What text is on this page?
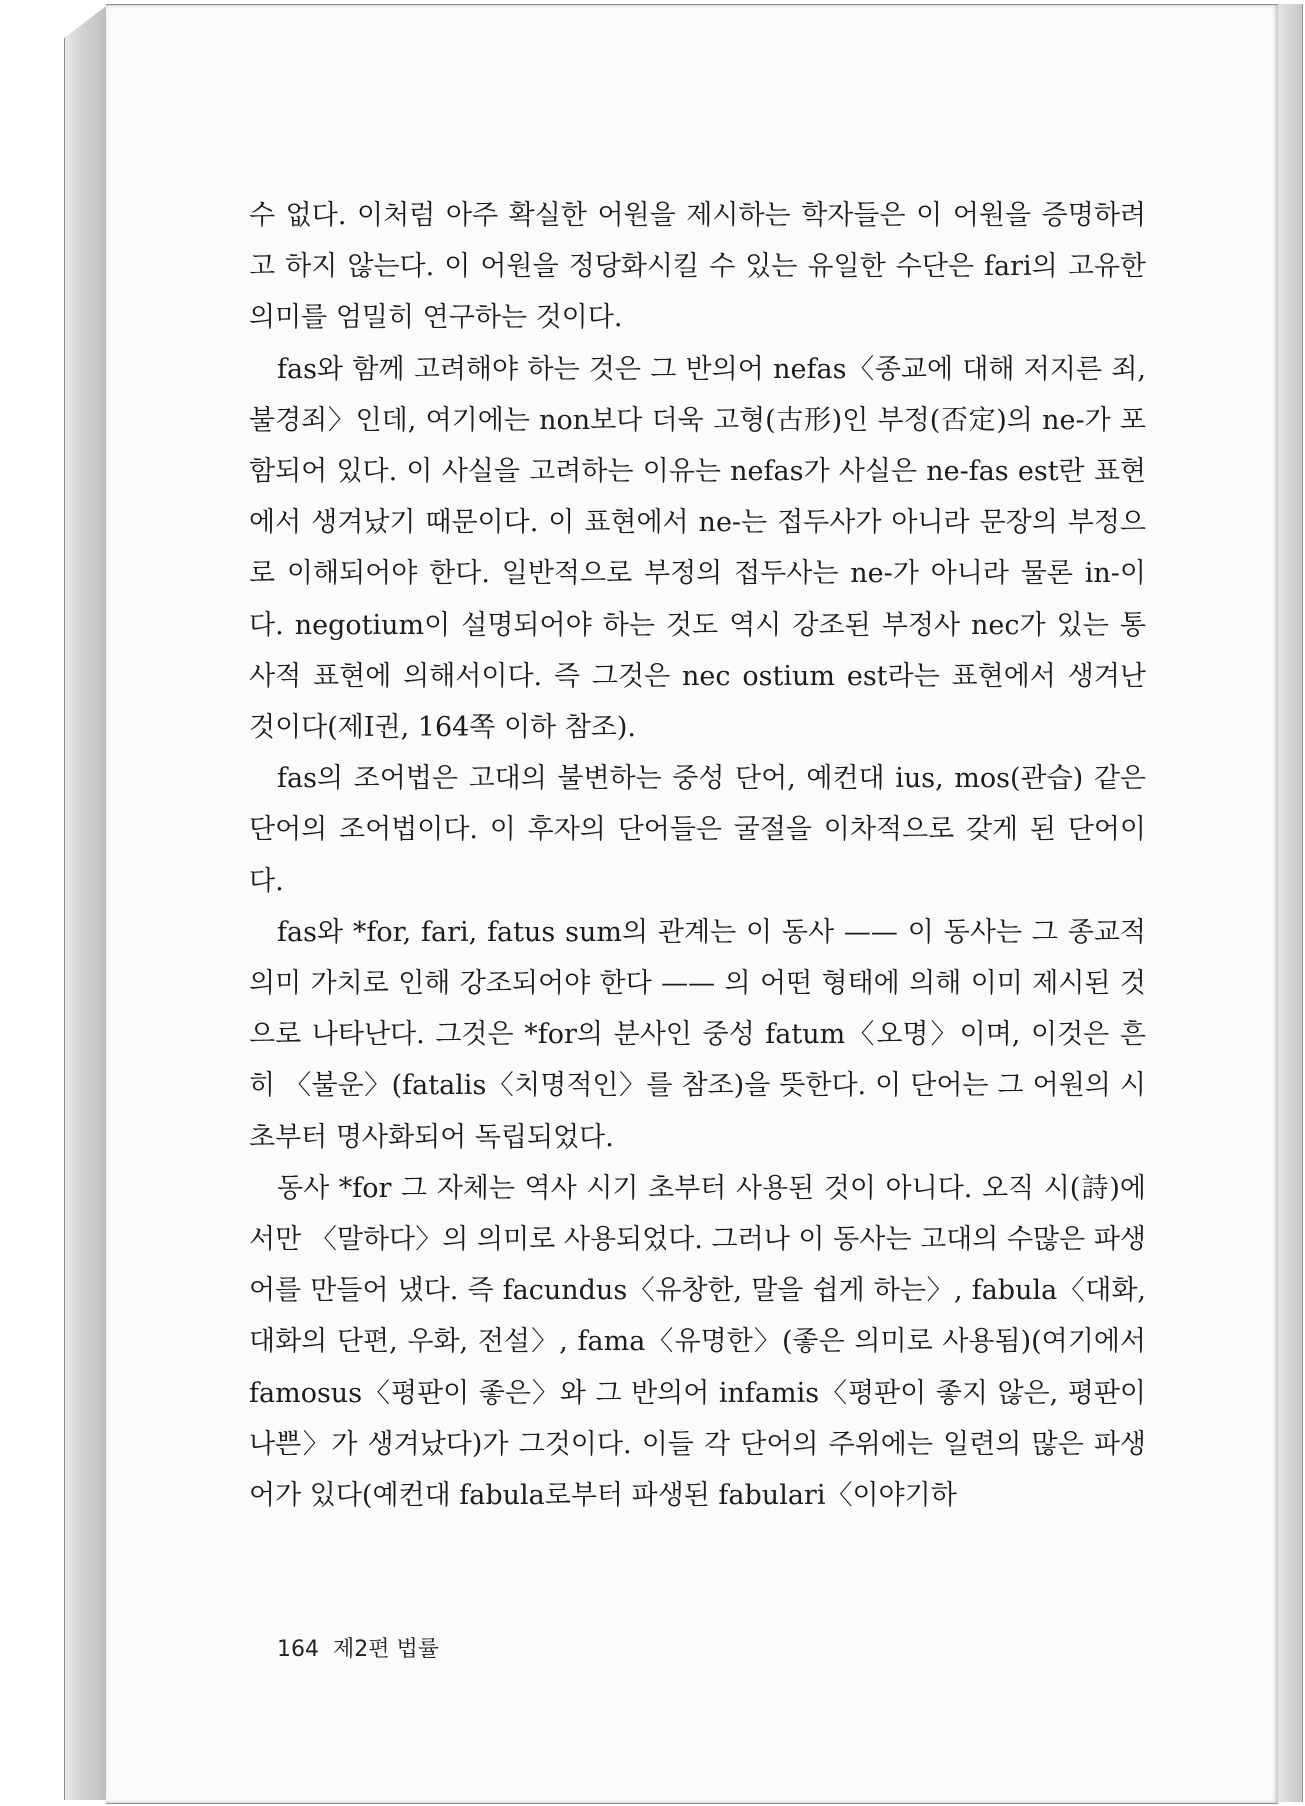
수 없다. 이처럼 아주 확실한 어원을 제시하는 학자들은 이 어원을 증명하려고 하지 않는다. 이 어원을 정당화시킬 수 있는 유일한 수단은 fari의 고유한 의미를 엄밀히 연구하는 것이다.

fas와 함께 고려해야 하는 것은 그 반의어 nefas〈종교에 대해 저지른 죄, 불경죄〉인데, 여기에는 non보다 더욱 고형(古形)인 부정(否定)의 ne-가 포함되어 있다. 이 사실을 고려하는 이유는 nefas가 사실은 ne-fas est란 표현에서 생겨났기 때문이다. 이 표현에서 ne-는 접두사가 아니라 문장의 부정으로 이해되어야 한다. 일반적으로 부정의 접두사는 ne-가 아니라 물론 in-이다. negotium이 설명되어야 하는 것도 역시 강조된 부정사 nec가 있는 통사적 표현에 의해서이다. 즉 그것은 nec ostium est라는 표현에서 생겨난 것이다(제I권, 164쪽 이하 참조).

fas의 조어법은 고대의 불변하는 중성 단어, 예컨대 ius, mos(관습) 같은 단어의 조어법이다. 이 후자의 단어들은 굴절을 이차적으로 갖게 된 단어이다.

fas와 *for, fari, fatus sum의 관계는 이 동사 —— 이 동사는 그 종교적 의미 가치로 인해 강조되어야 한다 —— 의 어떤 형태에 의해 이미 제시된 것으로 나타난다. 그것은 *for의 분사인 중성 fatum〈오명〉이며, 이것은 흔히 〈불운〉(fatalis〈치명적인〉를 참조)을 뜻한다. 이 단어는 그 어원의 시초부터 명사화되어 독립되었다.

동사 *for 그 자체는 역사 시기 초부터 사용된 것이 아니다. 오직 시(詩)에서만 〈말하다〉의 의미로 사용되었다. 그러나 이 동사는 고대의 수많은 파생어를 만들어 냈다. 즉 facundus〈유창한, 말을 쉽게 하는〉, fabula〈대화, 대화의 단편, 우화, 전설〉, fama〈유명한〉(좋은 의미로 사용됨)(여기에서 famosus〈평판이 좋은〉와 그 반의어 infamis〈평판이 좋지 않은, 평판이 나쁜〉가 생겨났다)가 그것이다. 이들 각 단어의 주위에는 일련의 많은 파생어가 있다(예컨대 fabula로부터 파생된 fabulari〈이야기하

164 제2편 법률
